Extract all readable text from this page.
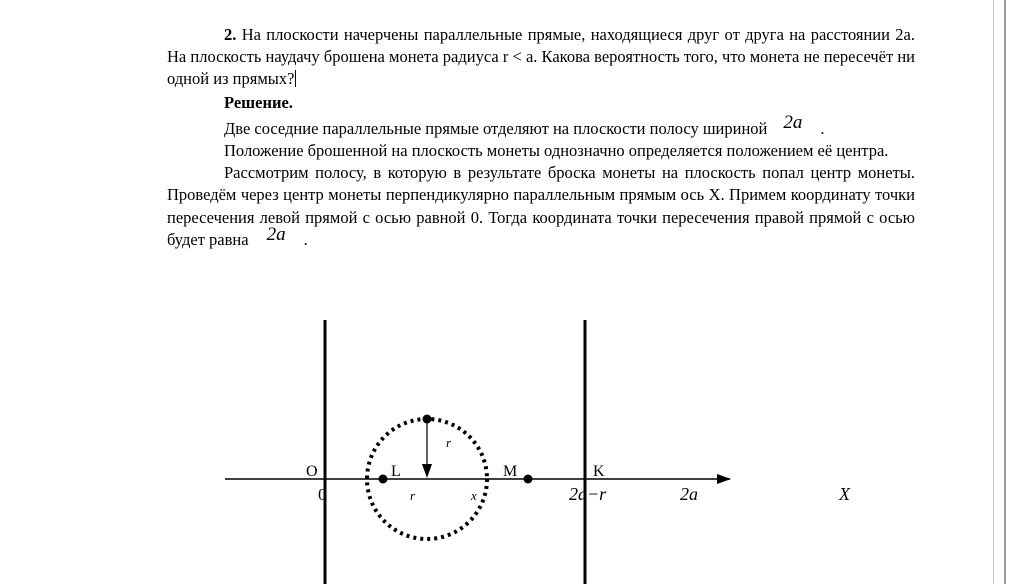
2. На плоскости начерчены параллельные прямые, находящиеся друг от друга на расстоянии 2а. На плоскость наудачу брошена монета радиуса r < a. Какова вероятность того, что монета не пересечёт ни одной из прямых?

Решение.

Две соседние параллельные прямые отделяют на плоскости полосу шириной 2a .

Положение брошенной на плоскость монеты однозначно определяется положением её центра.

Рассмотрим полосу, в которую в результате броска монеты на плоскость попал центр монеты. Проведём через центр монеты перпендикулярно параллельным прямым ось X. Примем координату точки пересечения левой прямой с осью равной 0. Тогда координата точки пересечения правой прямой с осью будет равна 2a .

O	L	M	K
r
r	x
0	2a−r	2a	X
